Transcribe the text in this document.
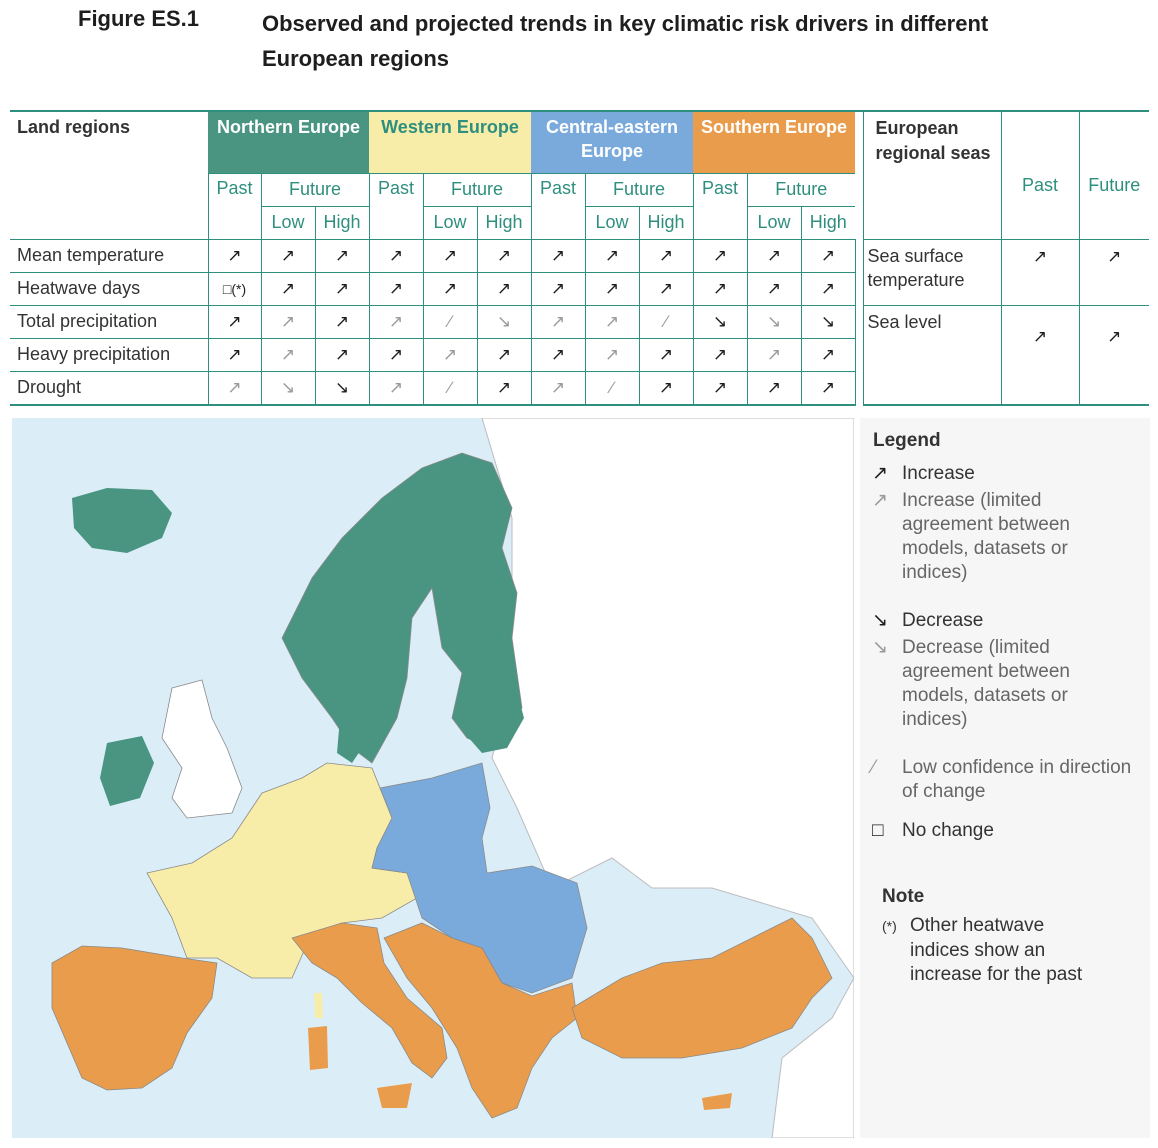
Figure ES.1	Observed and projected trends in key climatic risk drivers in different European regions
Land regions	Northern Europe			Western Europe			Central-eastern Europe			Southern Europe				European regional seas	Past	Future
	Past	Future		Past	Future		Past	Future		Past	Future					
		Low	High		Low	High		Low	High		Low	High				
Mean temperature	↗	↗	↗	↗	↗	↗	↗	↗	↗	↗	↗	↗		Sea surface temperature	↗	↗
Heatwave days	□(*)	↗	↗	↗	↗	↗	↗	↗	↗	↗	↗	↗				
Total precipitation	↗	↗	↗	↗	⁄	↘	↗	↗	⁄	↘	↘	↘		Sea level	↗	↗
Heavy precipitation	↗	↗	↗	↗	↗	↗	↗	↗	↗	↗	↗	↗				
Drought	↗	↘	↘	↗	⁄	↗	↗	⁄	↗	↗	↗	↗				
Legend
↗ Increase
↗ Increase (limited agreement between models, datasets or indices)
↘ Decrease
↘ Decrease (limited agreement between models, datasets or indices)
⁄ Low confidence in direction of change
□ No change
Note
(*) Other heatwave indices show an increase for the past
